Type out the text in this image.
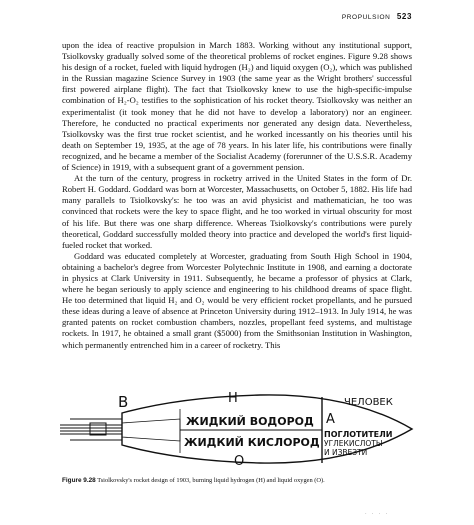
PROPULSION 523

upon the idea of reactive propulsion in March 1883. Working without any institutional support, Tsiolkovsky gradually solved some of the theoretical problems of rocket engines. Figure 9.28 shows his design of a rocket, fueled with liquid hydrogen (H₂) and liquid oxygen (O₂), which was published in the Russian magazine Science Survey in 1903 (the same year as the Wright brothers' successful first powered airplane flight). The fact that Tsiolkovsky knew to use the high-specific-impulse combination of H₂-O₂ testifies to the sophistication of his rocket theory. Tsiolkovsky was neither an experimentalist (it took money that he did not have to develop a laboratory) nor an engineer. Therefore, he conducted no practical experiments nor generated any design data. Nevertheless, Tsiolkovsky was the first true rocket scientist, and he worked incessantly on his theories until his death on September 19, 1935, at the age of 78 years. In his later life, his contributions were finally recognized, and he became a member of the Socialist Academy (forerunner of the U.S.S.R. Academy of Science) in 1919, with a subsequent grant of a government pension.

At the turn of the century, progress in rocketry arrived in the United States in the form of Dr. Robert H. Goddard. Goddard was born at Worcester, Massachusetts, on October 5, 1882. His life had many parallels to Tsiolkovsky's: he too was an avid physicist and mathematician, he too was convinced that rockets were the key to space flight, and he too worked in virtual obscurity for most of his life. But there was one sharp difference. Whereas Tsiolkovsky's contributions were purely theoretical, Goddard successfully molded theory into practice and developed the world's first liquid-fueled rocket that worked.

Goddard was educated completely at Worcester, graduating from South High School in 1904, obtaining a bachelor's degree from Worcester Polytechnic Institute in 1908, and earning a doctorate in physics at Clark University in 1911. Subsequently, he became a professor of physics at Clark, where he began seriously to apply science and engineering to his childhood dreams of space flight. He too determined that liquid H₂ and O₂ would be very efficient rocket propellants, and he pursued these ideas during a leave of absence at Princeton University during 1912–1913. In July 1914, he was granted patents on rocket combustion chambers, nozzles, propellant feed systems, and multistage rockets. In 1917, he obtained a small grant ($5000) from the Smithsonian Institution in Washington, which permanently entrenched him in a career of rocketry. This

B	H
ЖИДКИЙ ВОДОРОД
ЖИДКИЙ КИСЛОРОД
O
A
ЧЕЛОВЕК
ПОГЛОТИТЕЛИ
УГЛЕКИСЛОТЫ
И ИЗВЕЗТИ
Figure 9.28 Tsiolkovsky's rocket design of 1903, burning liquid hydrogen (H) and liquid oxygen (O).
· · · ·
